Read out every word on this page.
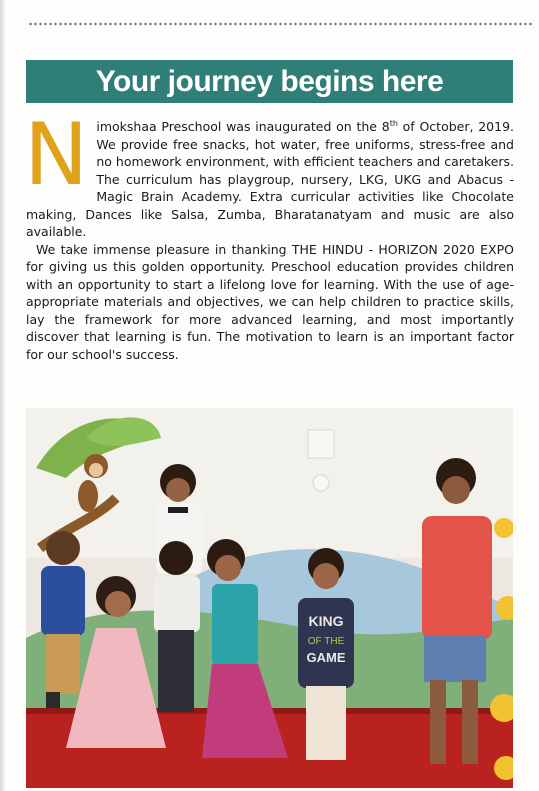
Your journey begins here
N imokshaa Preschool was inaugurated on the 8th of October, 2019. We provide free snacks, hot water, free uniforms, stress-free and no homework environment, with efficient teachers and caretakers. The curriculum has playgroup, nursery, LKG, UKG and Abacus - Magic Brain Academy. Extra curricular activities like Chocolate making, Dances like Salsa, Zumba, Bharatanatyam and music are also available.

We take immense pleasure in thanking THE HINDU - HORIZON 2020 EXPO for giving us this golden opportunity. Preschool education provides children with an opportunity to start a lifelong love for learning. With the use of age-appropriate materials and objectives, we can help children to practice skills, lay the framework for more advanced learning, and most importantly discover that learning is fun. The motivation to learn is an important factor for our school's success.

KING
OF THE
GAME
